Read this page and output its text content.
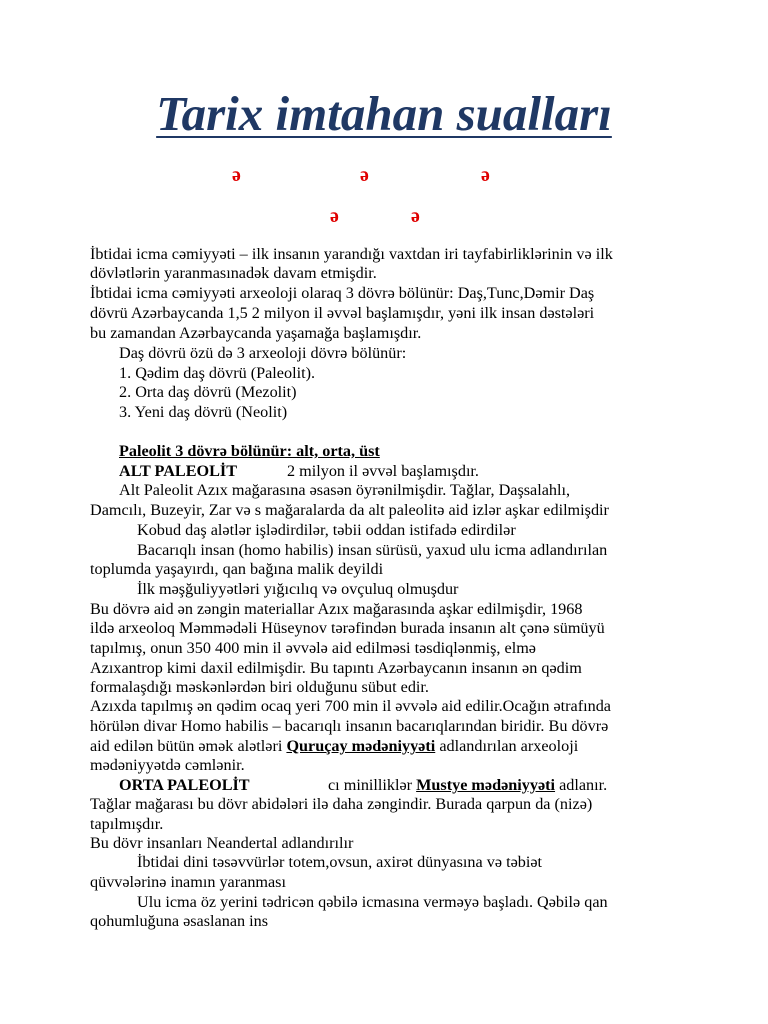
Tarix imtahan sualları
ə	ə	ə
ə	ə
İbtidai icma cəmiyyəti – ilk insanın yarandığı vaxtdan iri tayfabirliklərinin və ilk
dövlətlərin yaranmasınadək davam etmişdir.
İbtidai icma cəmiyyəti arxeoloji olaraq 3 dövrə bölünür: Daş,Tunc,Dəmir Daş
dövrü Azərbaycanda 1,5 2 milyon il əvvəl başlamışdır, yəni ilk insan dəstələri
bu zamandan Azərbaycanda yaşamağa başlamışdır.
Daş dövrü özü də 3 arxeoloji dövrə bölünür:
1. Qədim daş dövrü (Paleolit).
2. Orta daş dövrü (Mezolit)
3. Yeni daş dövrü (Neolit)
Paleolit 3 dövrə bölünür: alt, orta, üst
ALT PALEOLİT	2 milyon il əvvəl başlamışdır.
Alt Paleolit Azıx mağarasına əsasən öyrənilmişdir. Tağlar, Daşsalahlı,
Damcılı, Buzeyir, Zar və s mağaralarda da alt paleolitə aid izlər aşkar edilmişdir
Kobud daş alətlər işlədirdilər, təbii oddan istifadə edirdilər
Bacarıqlı insan (homo habilis) insan sürüsü, yaxud ulu icma adlandırılan
toplumda yaşayırdı, qan bağına malik deyildi
İlk məşğuliyyətləri yığıcılıq və ovçuluq olmuşdur
Bu dövrə aid ən zəngin materiallar Azıx mağarasında aşkar edilmişdir, 1968
ildə arxeoloq Məmmədəli Hüseynov tərəfindən burada insanın alt çənə sümüyü
tapılmış, onun 350 400 min il əvvələ aid edilməsi təsdiqlənmiş, elmə
Azıxantrop kimi daxil edilmişdir. Bu tapıntı Azərbaycanın insanın ən qədim
formalaşdığı məskənlərdən biri olduğunu sübut edir.
Azıxda tapılmış ən qədim ocaq yeri 700 min il əvvələ aid edilir.Ocağın ətrafında
hörülən divar Homo habilis – bacarıqlı insanın bacarıqlarından biridir. Bu dövrə
aid edilən bütün əmək alətləri Quruçay mədəniyyəti adlandırılan arxeoloji
mədəniyyətdə cəmlənir.
ORTA PALEOLİT	cı minilliklər Mustye mədəniyyəti adlanır.
Tağlar mağarası bu dövr abidələri ilə daha zəngindir. Burada qarpun da (nizə)
tapılmışdır.
Bu dövr insanları Neandertal adlandırılır
İbtidai dini təsəvvürlər totem,ovsun, axirət dünyasına və təbiət
qüvvələrinə inamın yaranması
Ulu icma öz yerini tədricən qəbilə icmasına verməyə başladı. Qəbilə qan
qohumluğuna əsaslanan ins
